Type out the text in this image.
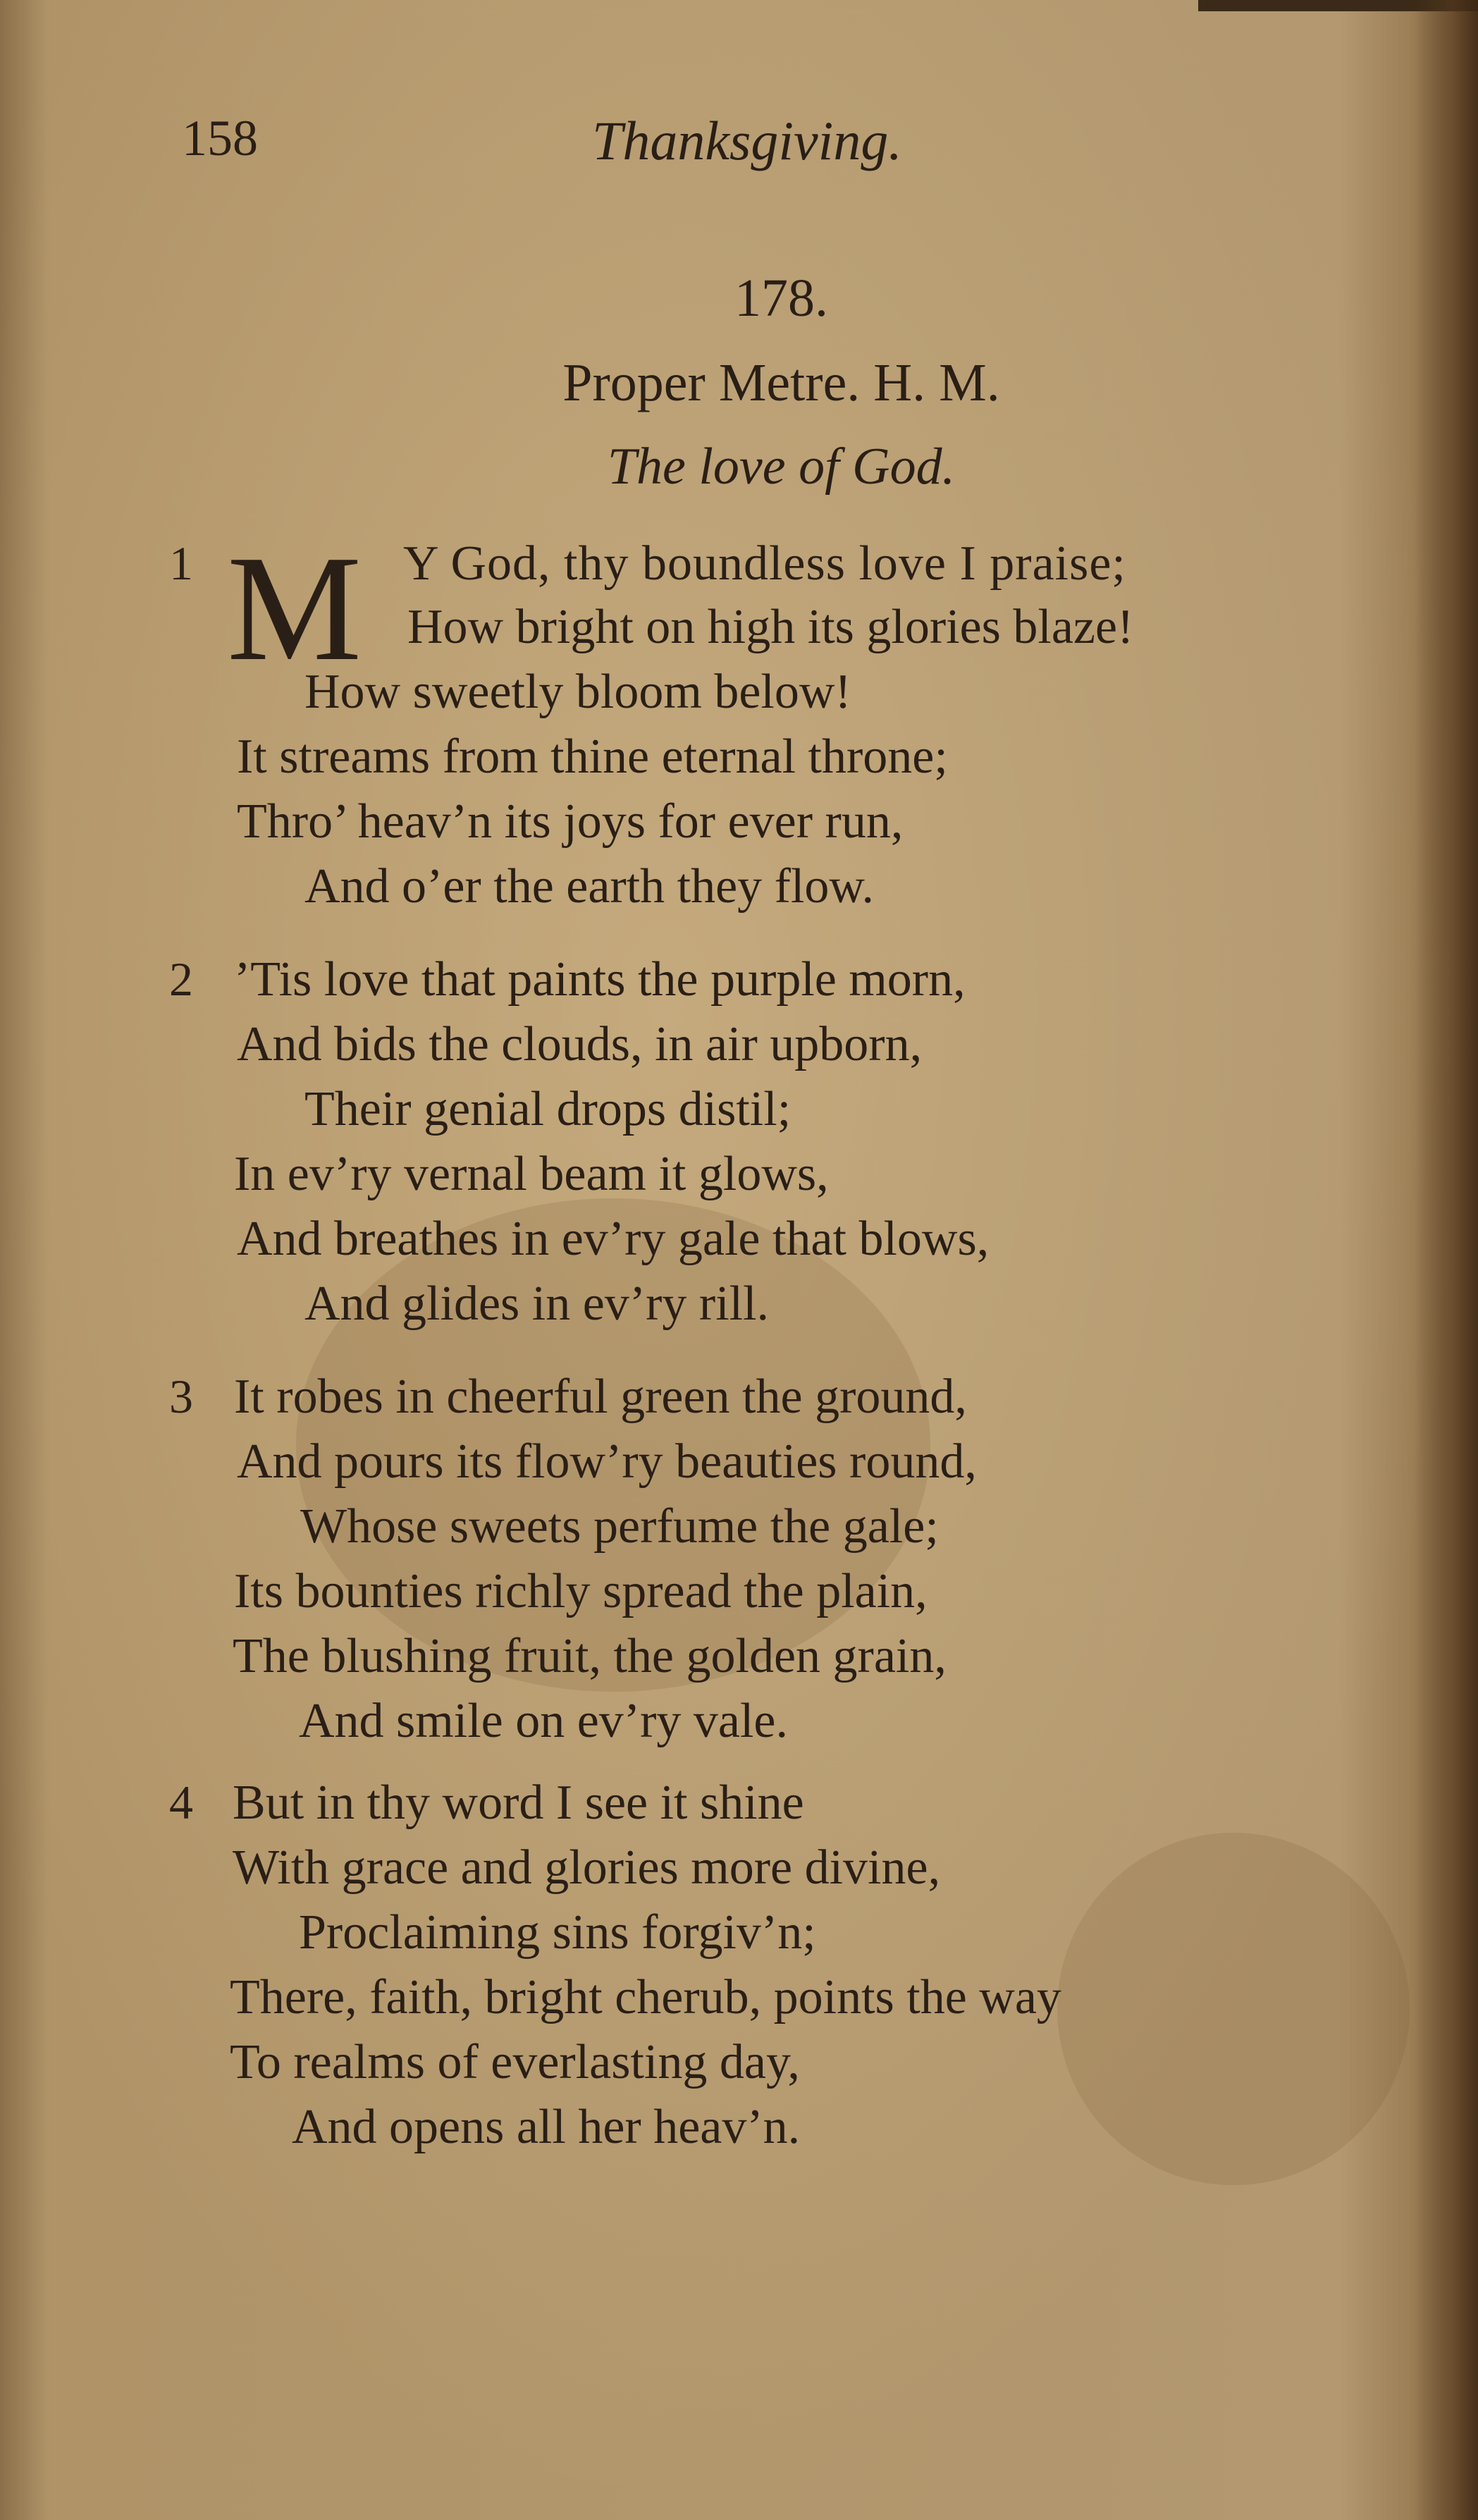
158	Thanksgiving.
178.
Proper Metre. H. M.
The love of God.
M
1	Y God, thy boundless love I praise;
How bright on high its glories blaze!
How sweetly bloom below!
It streams from thine eternal throne;
Thro’ heav’n its joys for ever run,
And o’er the earth they flow.
2 ’Tis love that paints the purple morn,
And bids the clouds, in air upborn,
Their genial drops distil;
In ev’ry vernal beam it glows,
And breathes in ev’ry gale that blows,
And glides in ev’ry rill.
3 It robes in cheerful green the ground,
And pours its flow’ry beauties round,
Whose sweets perfume the gale;
Its bounties richly spread the plain,
The blushing fruit, the golden grain,
And smile on ev’ry vale.
4 But in thy word I see it shine
With grace and glories more divine,
Proclaiming sins forgiv’n;
There, faith, bright cherub, points the way
To realms of everlasting day,
And opens all her heav’n.
